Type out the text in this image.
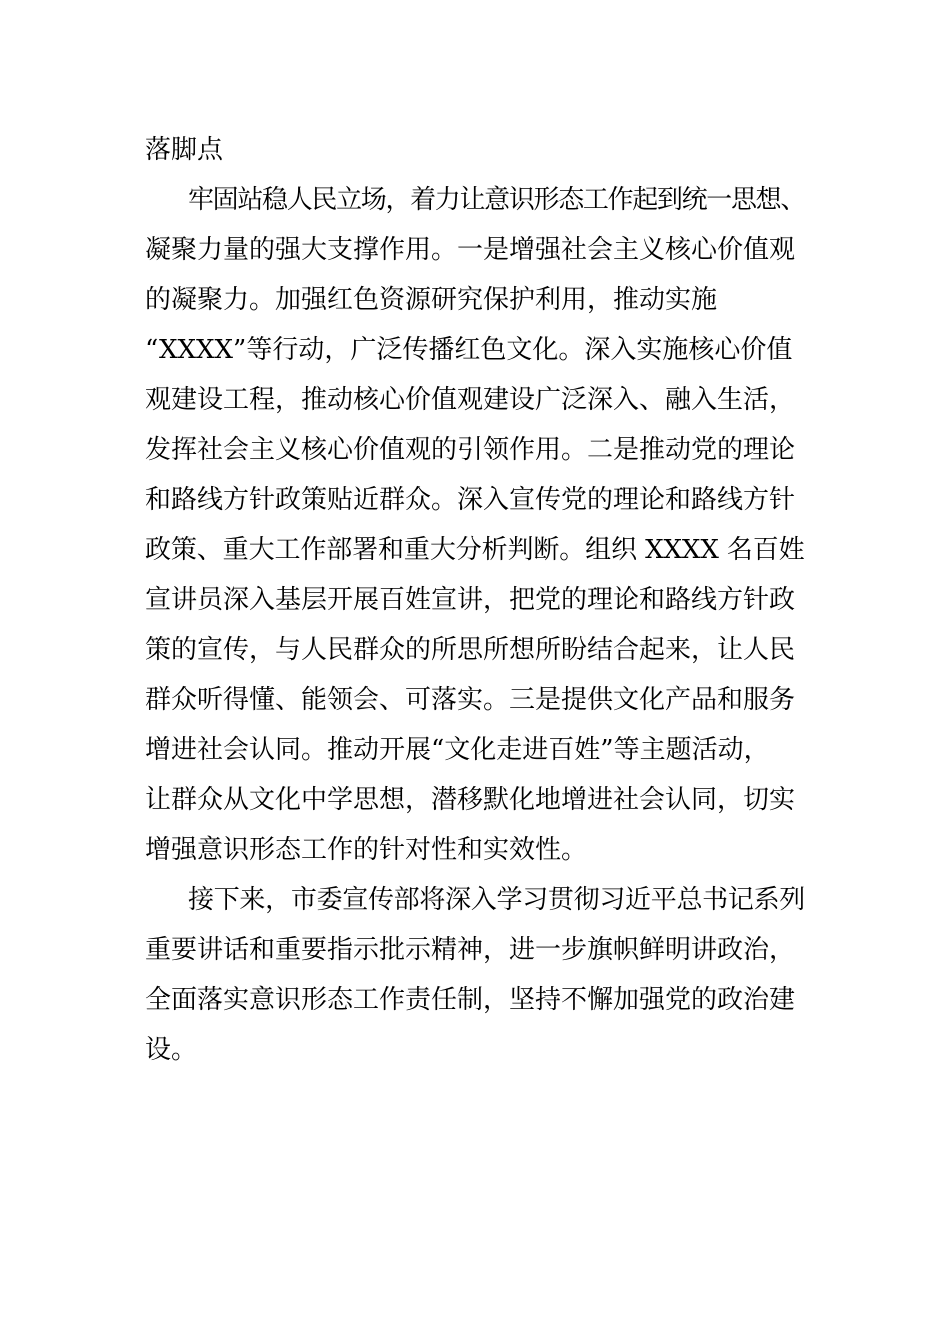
落脚点
牢固站稳人民立场，着力让意识形态工作起到统一思想、
凝聚力量的强大支撑作用。一是增强社会主义核心价值观
的凝聚力。加强红色资源研究保护利用，推动实施
“XXXX”等行动，广泛传播红色文化。深入实施核心价值
观建设工程，推动核心价值观建设广泛深入、融入生活，
发挥社会主义核心价值观的引领作用。二是推动党的理论
和路线方针政策贴近群众。深入宣传党的理论和路线方针
政策、重大工作部署和重大分析判断。组织 XXXX 名百姓
宣讲员深入基层开展百姓宣讲，把党的理论和路线方针政
策的宣传，与人民群众的所思所想所盼结合起来，让人民
群众听得懂、能领会、可落实。三是提供文化产品和服务
增进社会认同。推动开展“文化走进百姓”等主题活动，
让群众从文化中学思想，潜移默化地增进社会认同，切实
增强意识形态工作的针对性和实效性。
接下来，市委宣传部将深入学习贯彻习近平总书记系列
重要讲话和重要指示批示精神，进一步旗帜鲜明讲政治，
全面落实意识形态工作责任制，坚持不懈加强党的政治建
设。
